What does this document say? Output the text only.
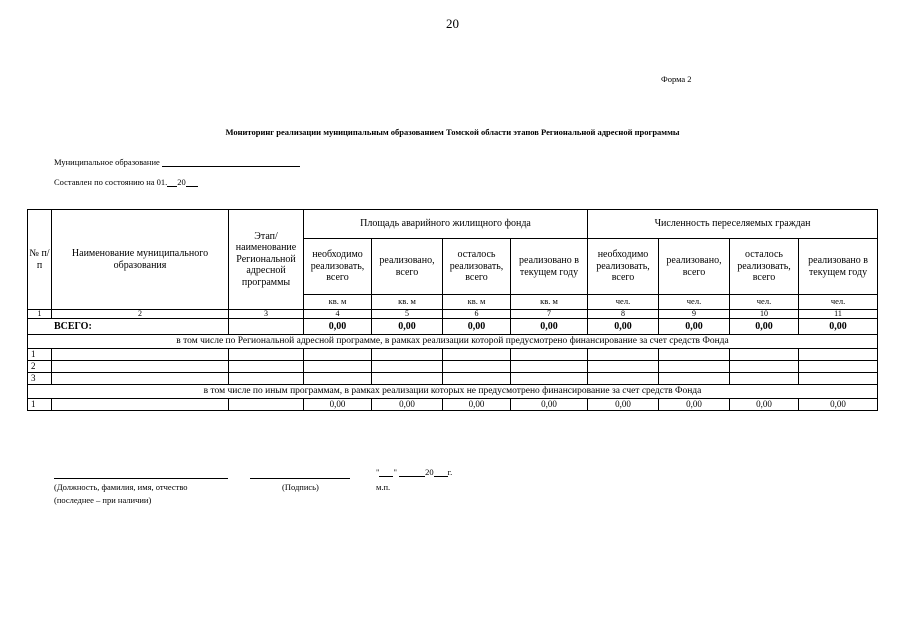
20
Форма 2
Мониторинг реализации муниципальным образованием Томской области этапов Региональной адресной программы
Муниципальное образование
Составлен по состоянию на 01. 20
№ п/п	Наименование муниципального образования	Этап/ наименование Региональной адресной программы	Площадь аварийного жилищного фонда				Численность переселяемых граждан			
			необходимо реализовать, всего	реализовано, всего	осталось реализовать, всего	реализовано в текущем году	необходимо реализовать, всего	реализовано, всего	осталось реализовать, всего	реализовано в текущем году
			кв. м	кв. м	кв. м	кв. м	чел.	чел.	чел.	чел.
1	2	3	4	5	6	7	8	9	10	11
ВСЕГО:			0,00	0,00	0,00	0,00	0,00	0,00	0,00	0,00
в том числе по Региональной адресной программе, в рамках реализации которой предусмотрено финансирование за счет средств Фонда										
1										
2										
3										
в том числе по иным программам, в рамках реализации которых не предусмотрено финансирование за счет средств Фонда										
1			0,00	0,00	0,00	0,00	0,00	0,00	0,00	0,00
" "	20 г.
(Должность, фамилия, имя, отчество
(последнее – при наличии)
(Подпись)	м.п.
